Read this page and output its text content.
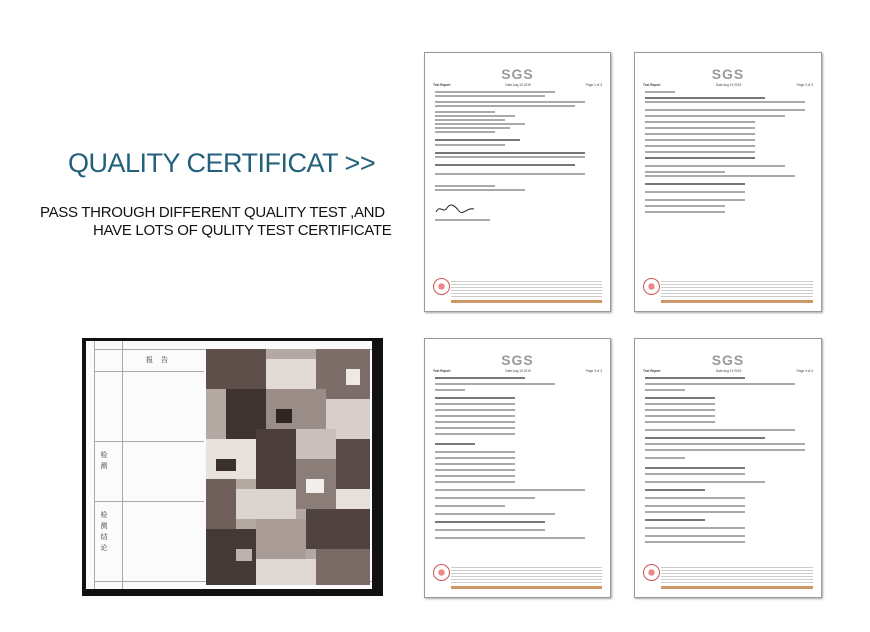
QUALITY CERTIFICAT >>
PASS THROUGH DIFFERENT QUALITY TEST ,AND
HAVE LOTS OF QULITY TEST CERTIFICATE
报告
检测
检测结论
SGS
Test Report	Date Aug 19 2019	Page 1 of 3
SGS
Test Report	Date Aug 19 2019	Page 2 of 3
SGS
Test Report	Date Aug 19 2019	Page 3 of 3
SGS
Test Report	Date Aug 19 2019	Page 4 of 4
